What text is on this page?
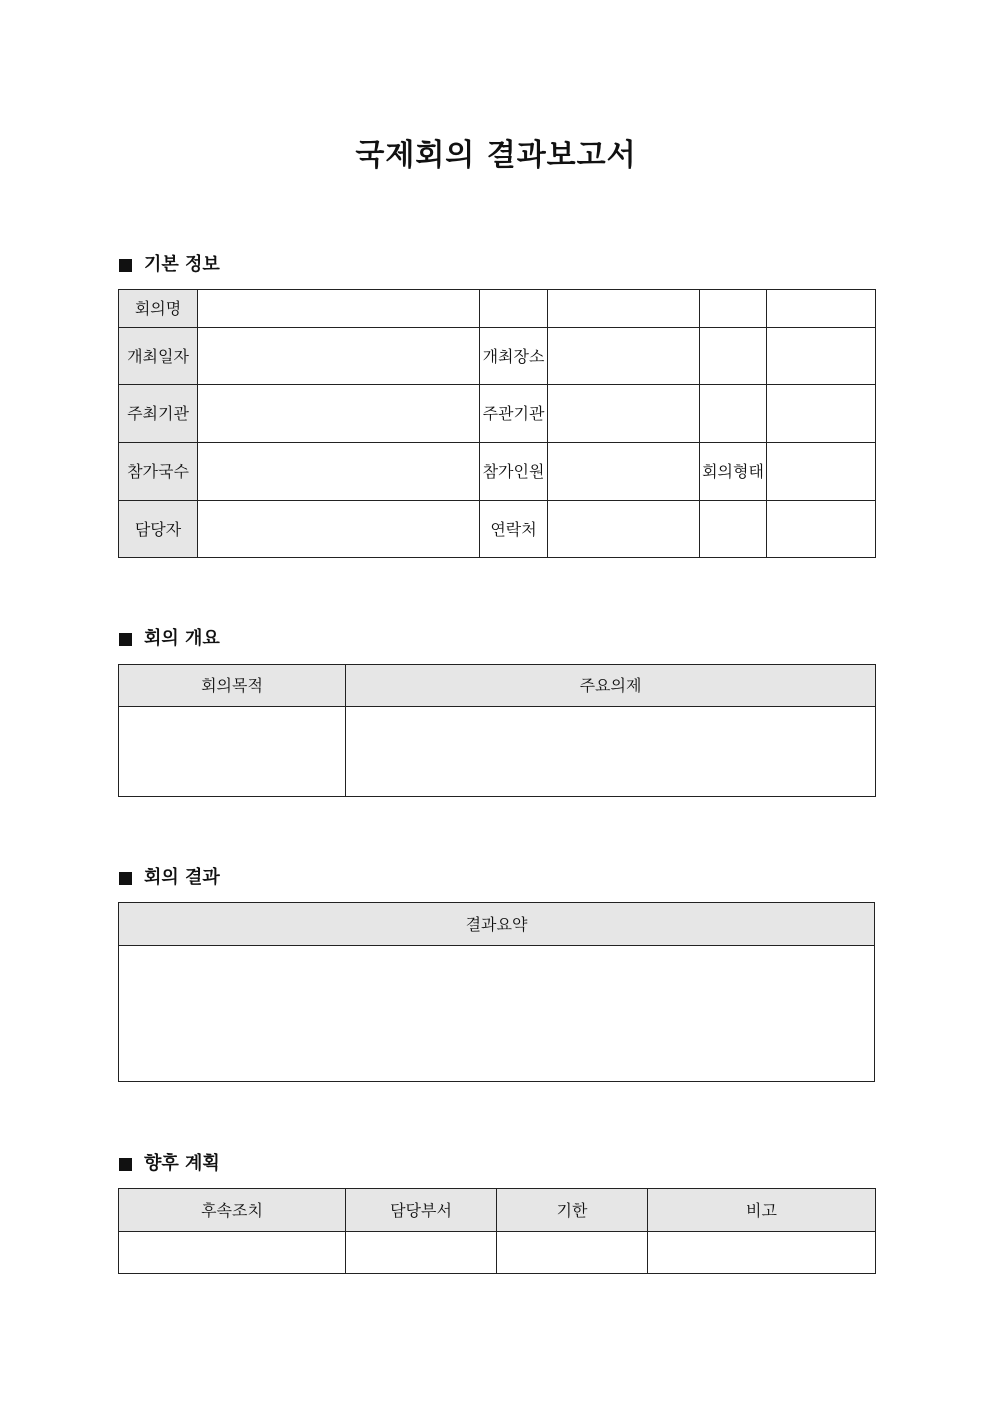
국제회의 결과보고서
기본 정보
회의명					
개최일자		개최장소			
주최기관		주관기관			
참가국수		참가인원		회의형태	
담당자		연락처			
회의 개요
회의목적	주요의제

회의 결과
결과요약

향후 계획
후속조치	담당부서	기한	비고
